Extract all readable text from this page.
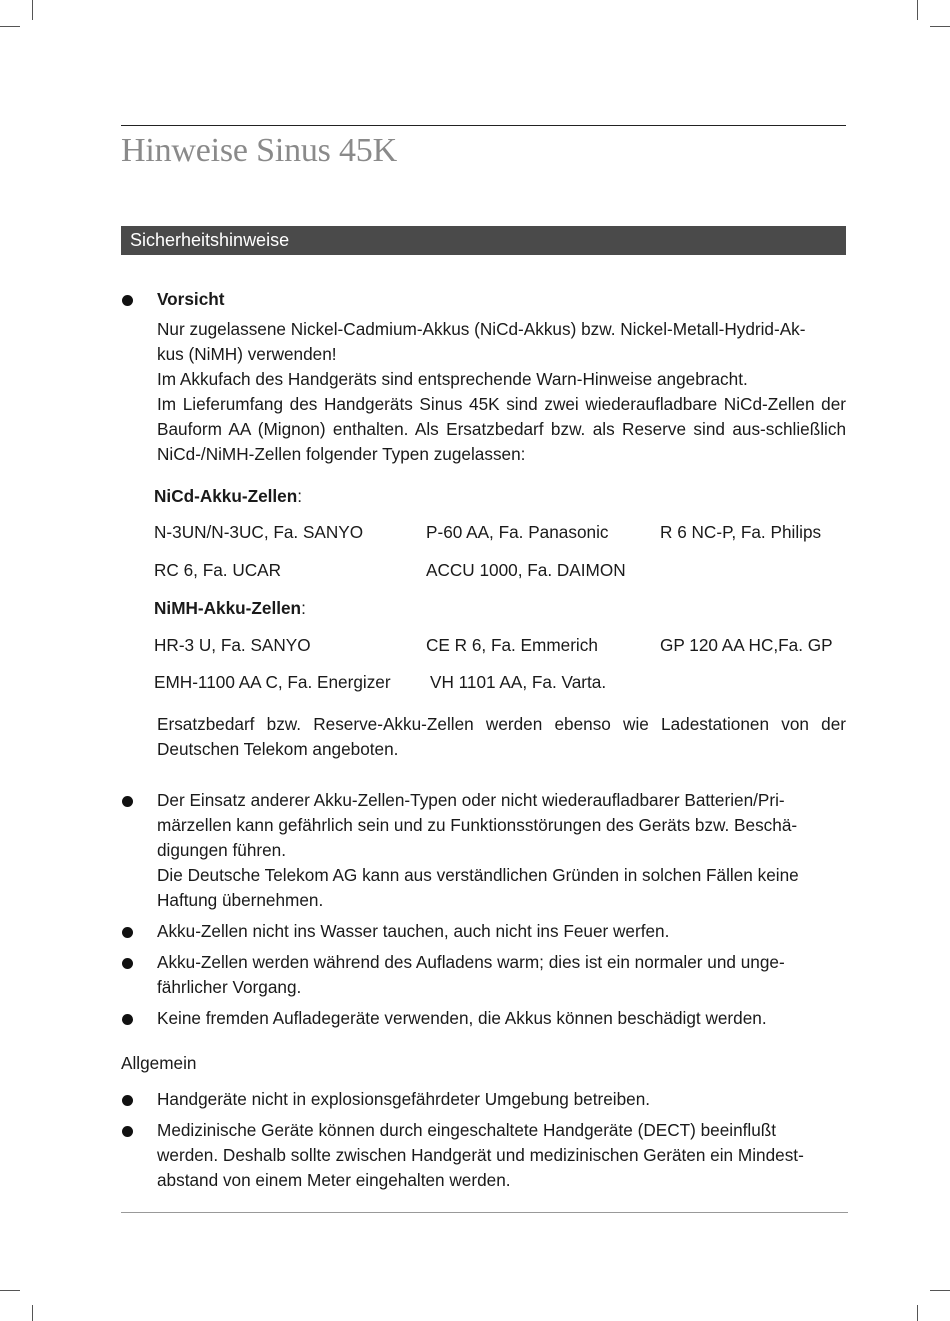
Hinweise Sinus 45K
Sicherheitshinweise
Vorsicht
Nur zugelassene Nickel-Cadmium-Akkus (NiCd-Akkus) bzw. Nickel-Metall-Hydrid-Ak-
kus (NiMH) verwenden!
Im Akkufach des Handgeräts sind entsprechende Warn-Hinweise angebracht.
Im Lieferumfang des Handgeräts Sinus 45K sind zwei wiederaufladbare NiCd-Zellen der Bauform AA (Mignon) enthalten. Als Ersatzbedarf bzw. als Reserve sind aus-schließlich NiCd-/NiMH-Zellen folgender Typen zugelassen:
NiCd-Akku-Zellen:
N-3UN/N-3UC, Fa. SANYO	P-60 AA, Fa. Panasonic	R 6 NC-P, Fa. Philips
RC 6, Fa. UCAR	ACCU 1000, Fa. DAIMON
NiMH-Akku-Zellen:
HR-3 U, Fa. SANYO	CE R 6, Fa. Emmerich	GP 120 AA HC,Fa. GP
EMH-1100 AA C, Fa. Energizer VH 1101 AA, Fa. Varta.
Ersatzbedarf bzw. Reserve-Akku-Zellen werden ebenso wie Ladestationen von der Deutschen Telekom angeboten.
Der Einsatz anderer Akku-Zellen-Typen oder nicht wiederaufladbarer Batterien/Pri-
märzellen kann gefährlich sein und zu Funktionsstörungen des Geräts bzw. Beschä-
digungen führen.
Die Deutsche Telekom AG kann aus verständlichen Gründen in solchen Fällen keine
Haftung übernehmen.
Akku-Zellen nicht ins Wasser tauchen, auch nicht ins Feuer werfen.
Akku-Zellen werden während des Aufladens warm; dies ist ein normaler und unge-
fährlicher Vorgang.
Keine fremden Aufladegeräte verwenden, die Akkus können beschädigt werden.
Allgemein
Handgeräte nicht in explosionsgefährdeter Umgebung betreiben.
Medizinische Geräte können durch eingeschaltete Handgeräte (DECT) beeinflußt
werden. Deshalb sollte zwischen Handgerät und medizinischen Geräten ein Mindest-
abstand von einem Meter eingehalten werden.
